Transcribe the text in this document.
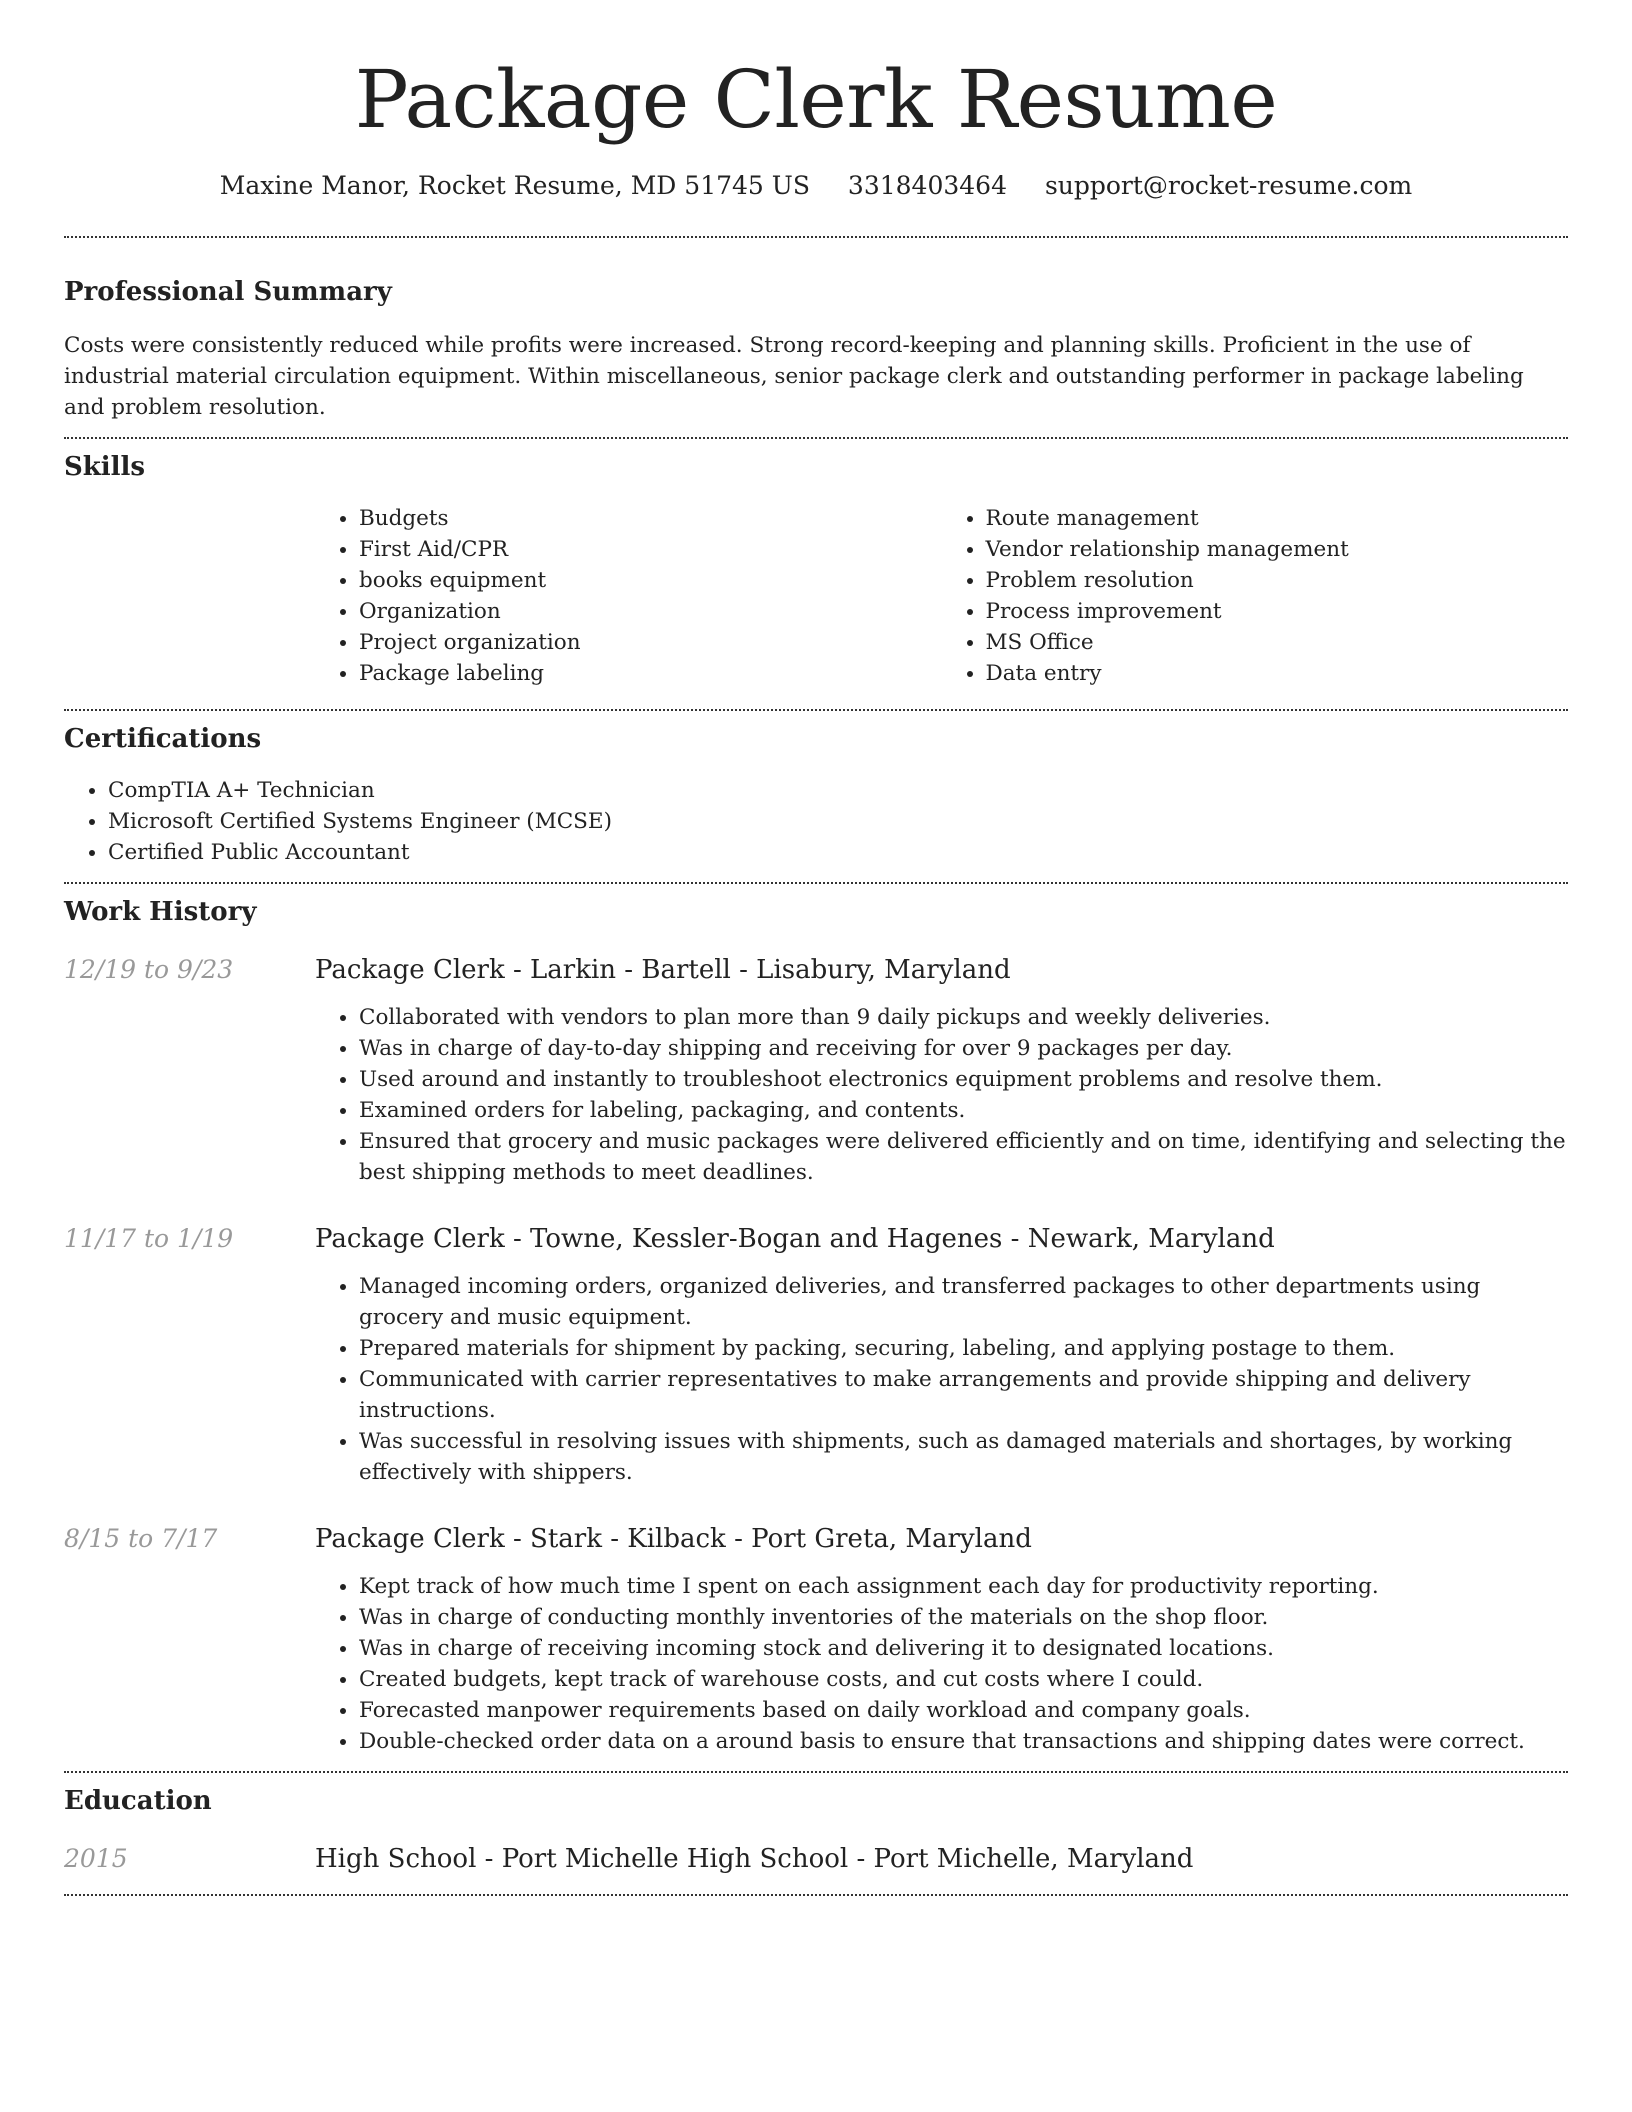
Package Clerk Resume
Maxine Manor, Rocket Resume, MD 51745 US 3318403464 support@rocket-resume.com
Professional Summary

Costs were consistently reduced while profits were increased. Strong record-keeping and planning skills. Proficient in the use of industrial material circulation equipment. Within miscellaneous, senior package clerk and outstanding performer in package labeling and problem resolution.

Skills
• Budgets
• First Aid/CPR
• books equipment
• Organization
• Project organization
• Package labeling
• Route management
• Vendor relationship management
• Problem resolution
• Process improvement
• MS Office
• Data entry
Certifications
• CompTIA A+ Technician
• Microsoft Certified Systems Engineer (MCSE)
• Certified Public Accountant
Work History
12/19 to 9/23	Package Clerk - Larkin - Bartell - Lisabury, Maryland
• Collaborated with vendors to plan more than 9 daily pickups and weekly deliveries.
• Was in charge of day-to-day shipping and receiving for over 9 packages per day.
• Used around and instantly to troubleshoot electronics equipment problems and resolve them.
• Examined orders for labeling, packaging, and contents.
• Ensured that grocery and music packages were delivered efficiently and on time, identifying and selecting the best shipping methods to meet deadlines.
11/17 to 1/19	Package Clerk - Towne, Kessler-Bogan and Hagenes - Newark, Maryland
• Managed incoming orders, organized deliveries, and transferred packages to other departments using grocery and music equipment.
• Prepared materials for shipment by packing, securing, labeling, and applying postage to them.
• Communicated with carrier representatives to make arrangements and provide shipping and delivery instructions.
• Was successful in resolving issues with shipments, such as damaged materials and shortages, by working effectively with shippers.
8/15 to 7/17	Package Clerk - Stark - Kilback - Port Greta, Maryland
• Kept track of how much time I spent on each assignment each day for productivity reporting.
• Was in charge of conducting monthly inventories of the materials on the shop floor.
• Was in charge of receiving incoming stock and delivering it to designated locations.
• Created budgets, kept track of warehouse costs, and cut costs where I could.
• Forecasted manpower requirements based on daily workload and company goals.
• Double-checked order data on a around basis to ensure that transactions and shipping dates were correct.
Education
2015	High School - Port Michelle High School - Port Michelle, Maryland
